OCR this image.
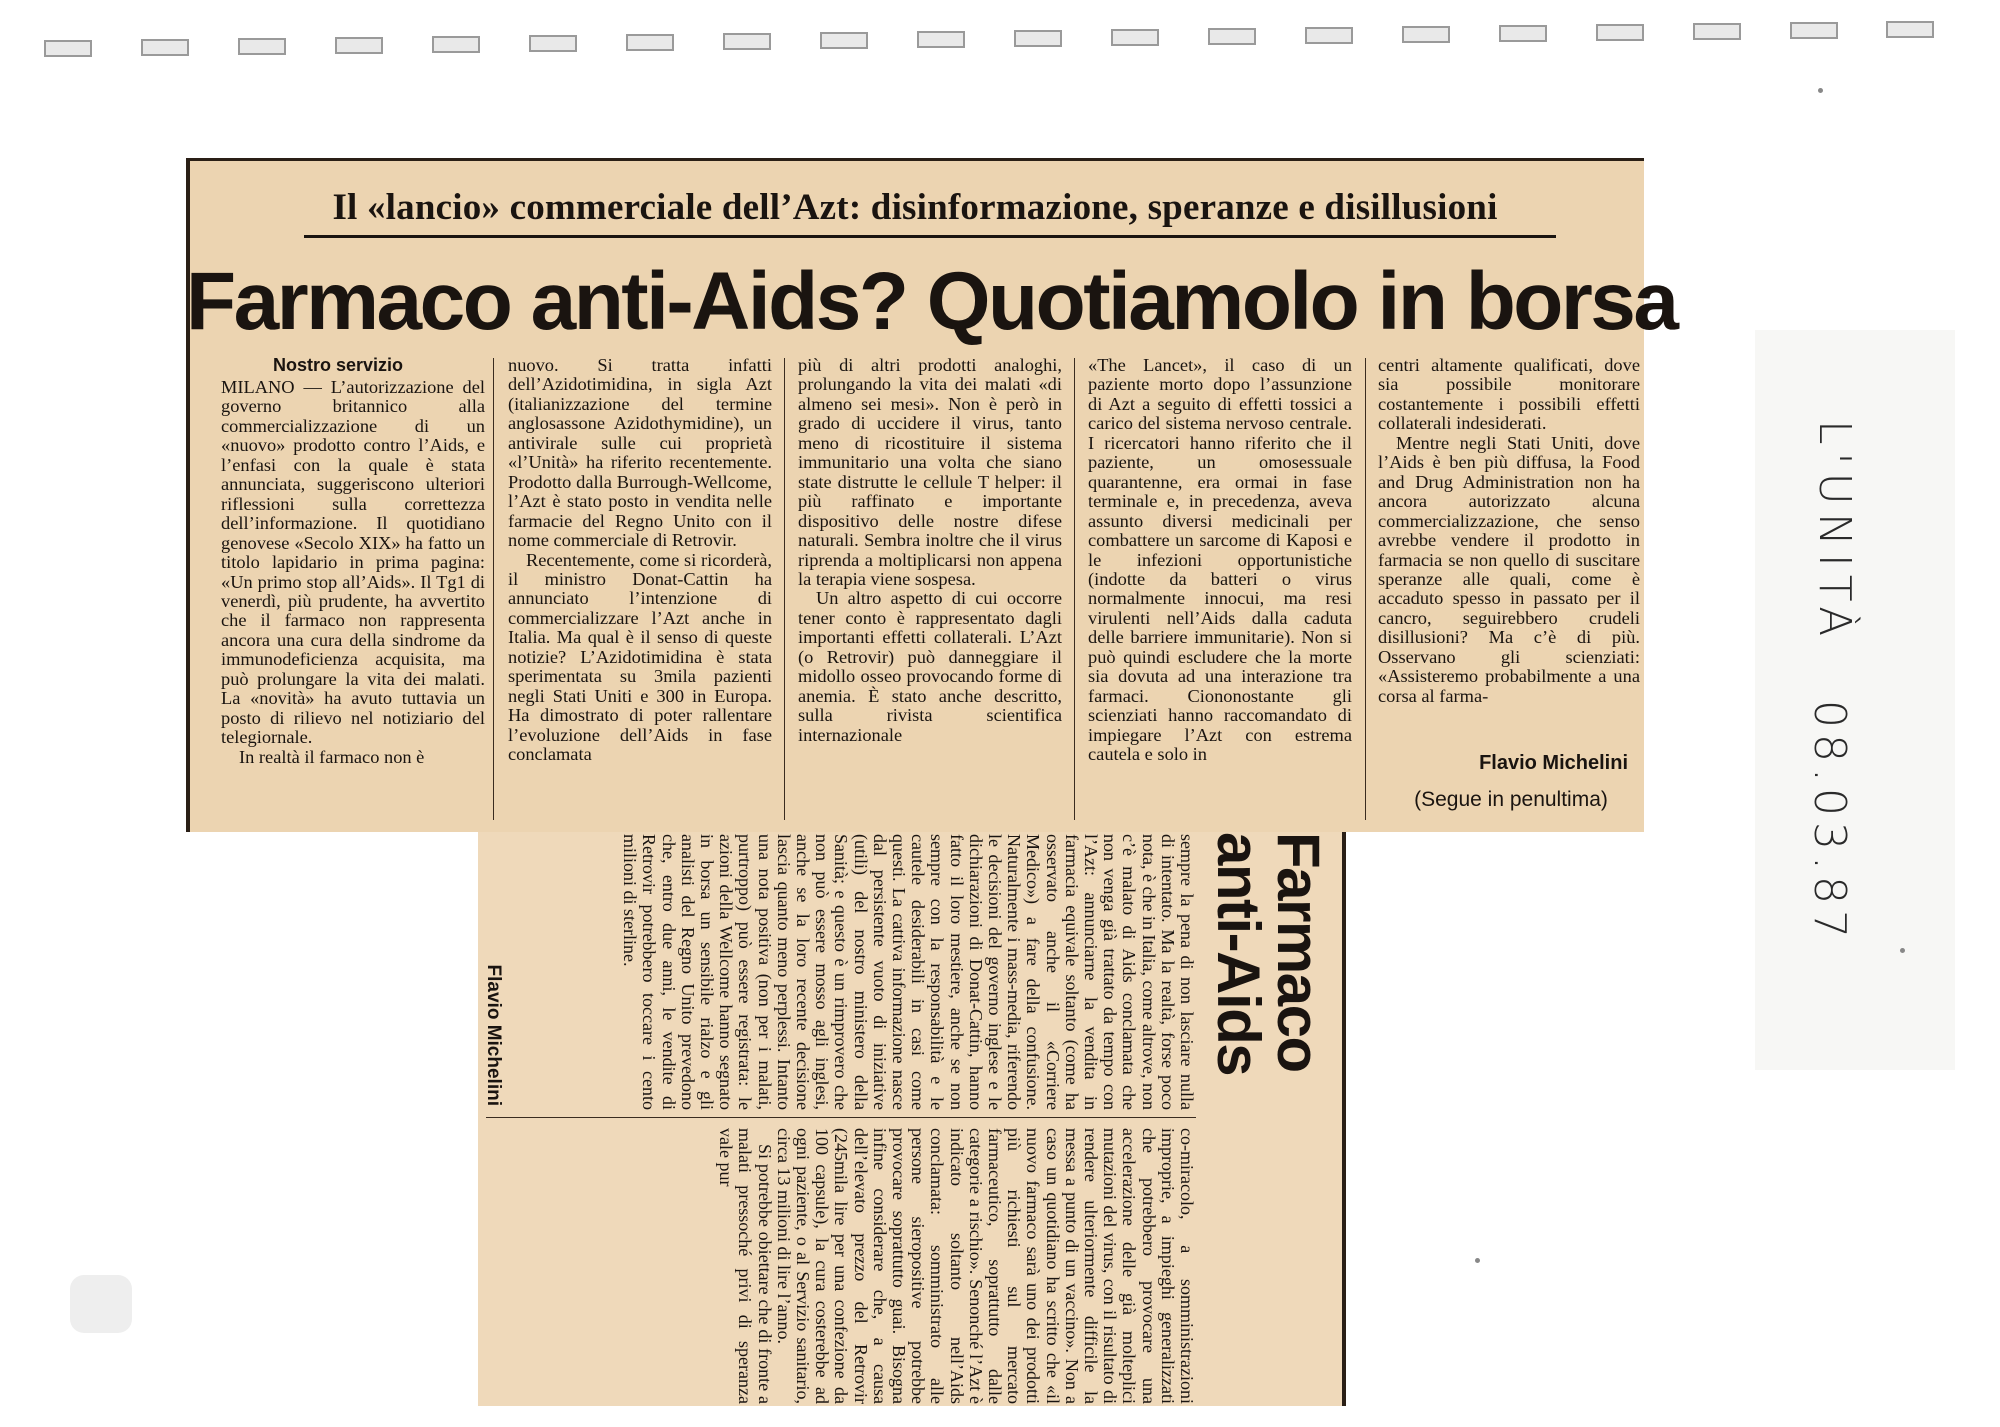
Il «lancio» commerciale dell’Azt: disinformazione, speranze e disillusioni
Farmaco anti-Aids? Quotiamolo in borsa

Nostro servizio

MILANO — L’autorizzazione del governo britannico alla commercializzazione di un «nuovo» prodotto contro l’Aids, e l’enfasi con la quale è stata annunciata, suggeriscono ulteriori riflessioni sulla correttezza dell’informazione. Il quotidiano genovese «Secolo XIX» ha fatto un titolo lapidario in prima pagina: «Un primo stop all’Aids». Il Tg1 di venerdì, più prudente, ha avvertito che il farmaco non rappresenta ancora una cura della sindrome da immunodeficienza acquisita, ma può prolungare la vita dei malati. La «novità» ha avuto tuttavia un posto di rilievo nel notiziario del telegiornale.

In realtà il farmaco non è

nuovo. Si tratta infatti dell’Azidotimidina, in sigla Azt (italianizzazione del termine anglosassone Azidothymidine), un antivirale sulle cui proprietà «l’Unità» ha riferito recentemente. Prodotto dalla Burrough-Wellcome, l’Azt è stato posto in vendita nelle farmacie del Regno Unito con il nome commerciale di Retrovir.

Recentemente, come si ricorderà, il ministro Donat-Cattin ha annunciato l’intenzione di commercializzare l’Azt anche in Italia. Ma qual è il senso di queste notizie? L’Azidotimidina è stata sperimentata su 3mila pazienti negli Stati Uniti e 300 in Europa. Ha dimostrato di poter rallentare l’evoluzione dell’Aids in fase conclamata

più di altri prodotti analoghi, prolungando la vita dei malati «di almeno sei mesi». Non è però in grado di uccidere il virus, tanto meno di ricostituire il sistema immunitario una volta che siano state distrutte le cellule T helper: il più raffinato e importante dispositivo delle nostre difese naturali. Sembra inoltre che il virus riprenda a moltiplicarsi non appena la terapia viene sospesa.

Un altro aspetto di cui occorre tener conto è rappresentato dagli importanti effetti collaterali. L’Azt (o Retrovir) può danneggiare il midollo osseo provocando forme di anemia. È stato anche descritto, sulla rivista scientifica internazionale

«The Lancet», il caso di un paziente morto dopo l’assunzione di Azt a seguito di effetti tossici a carico del sistema nervoso centrale. I ricercatori hanno riferito che il paziente, un omosessuale quarantenne, era ormai in fase terminale e, in precedenza, aveva assunto diversi medicinali per combattere un sarcome di Kaposi e le infezioni opportunistiche (indotte da batteri o virus normalmente innocui, ma resi virulenti nell’Aids dalla caduta delle barriere immunitarie). Non si può quindi escludere che la morte sia dovuta ad una interazione tra farmaci. Ciononostante gli scienziati hanno raccomandato di impiegare l’Azt con estrema cautela e solo in

centri altamente qualificati, dove sia possibile monitorare costantemente i possibili effetti collaterali indesiderati.

Mentre negli Stati Uniti, dove l’Aids è ben più diffusa, la Food and Drug Administration non ha ancora autorizzato alcuna commercializzazione, che senso avrebbe vendere il prodotto in farmacia se non quello di suscitare speranze alle quali, come è accaduto spesso in passato per il cancro, seguirebbero crudeli disillusioni? Ma c’è di più. Osservano gli scienziati: «Assisteremo probabilmente a una corsa al farma-

Flavio Michelini
(Segue in penultima)
Farmaco
anti-Aids

co-miracolo, a somministrazioni improprie, a impieghi generalizzati che potrebbero provocare una accelerazione delle già molteplici mutazioni del virus, con il risultato di rendere ulteriormente difficile la messa a punto di un vaccino». Non a caso un quotidiano ha scritto che «il nuovo farmaco sarà uno dei prodotti più richiesti sul mercato farmaceutico, soprattutto dalle categorie a rischio». Senonché l’Azt è indicato soltanto nell’Aids conclamata: somministrato alle persone sieropositive potrebbe provocare soprattutto guai. Bisogna infine considerare che, a causa dell’elevato prezzo del Retrovir (245mila lire per una confezione da 100 capsule), la cura costerebbe ad ogni paziente, o al Servizio sanitario, circa 13 milioni di lire l’anno.

Si potrebbe obiettare che di fronte a malati pressoché privi di speranza vale pur

sempre la pena di non lasciare nulla di intentato. Ma la realtà, forse poco nota, è che in Italia, come altrove, non c’è malato di Aids conclamata che non venga già trattato da tempo con l’Azt: annunciarne la vendita in farmacia equivale soltanto (come ha osservato anche il «Corriere Medico») a fare della confusione. Naturalmente i mass-media, riferendo le decisioni del governo inglese e le dichiarazioni di Donat-Cattin, hanno fatto il loro mestiere, anche se non sempre con la responsabilità e le cautele desiderabili in casi come questi. La cattiva informazione nasce dal persistente vuoto di iniziative (utili) del nostro ministero della Sanità; e questo è un rimprovero che non può essere mosso agli inglesi, anche se la loro recente decisione lascia quanto meno perplessi. Intanto una nota positiva (non per i malati, purtroppo) può essere registrata: le azioni della Wellcome hanno segnato in borsa un sensibile rialzo e gli analisti del Regno Unito prevedono che, entro due anni, le vendite di Retrovir potrebbero toccare i cento milioni di sterline.

Flavio Michelini
L'UNITÀ
08.03.87
